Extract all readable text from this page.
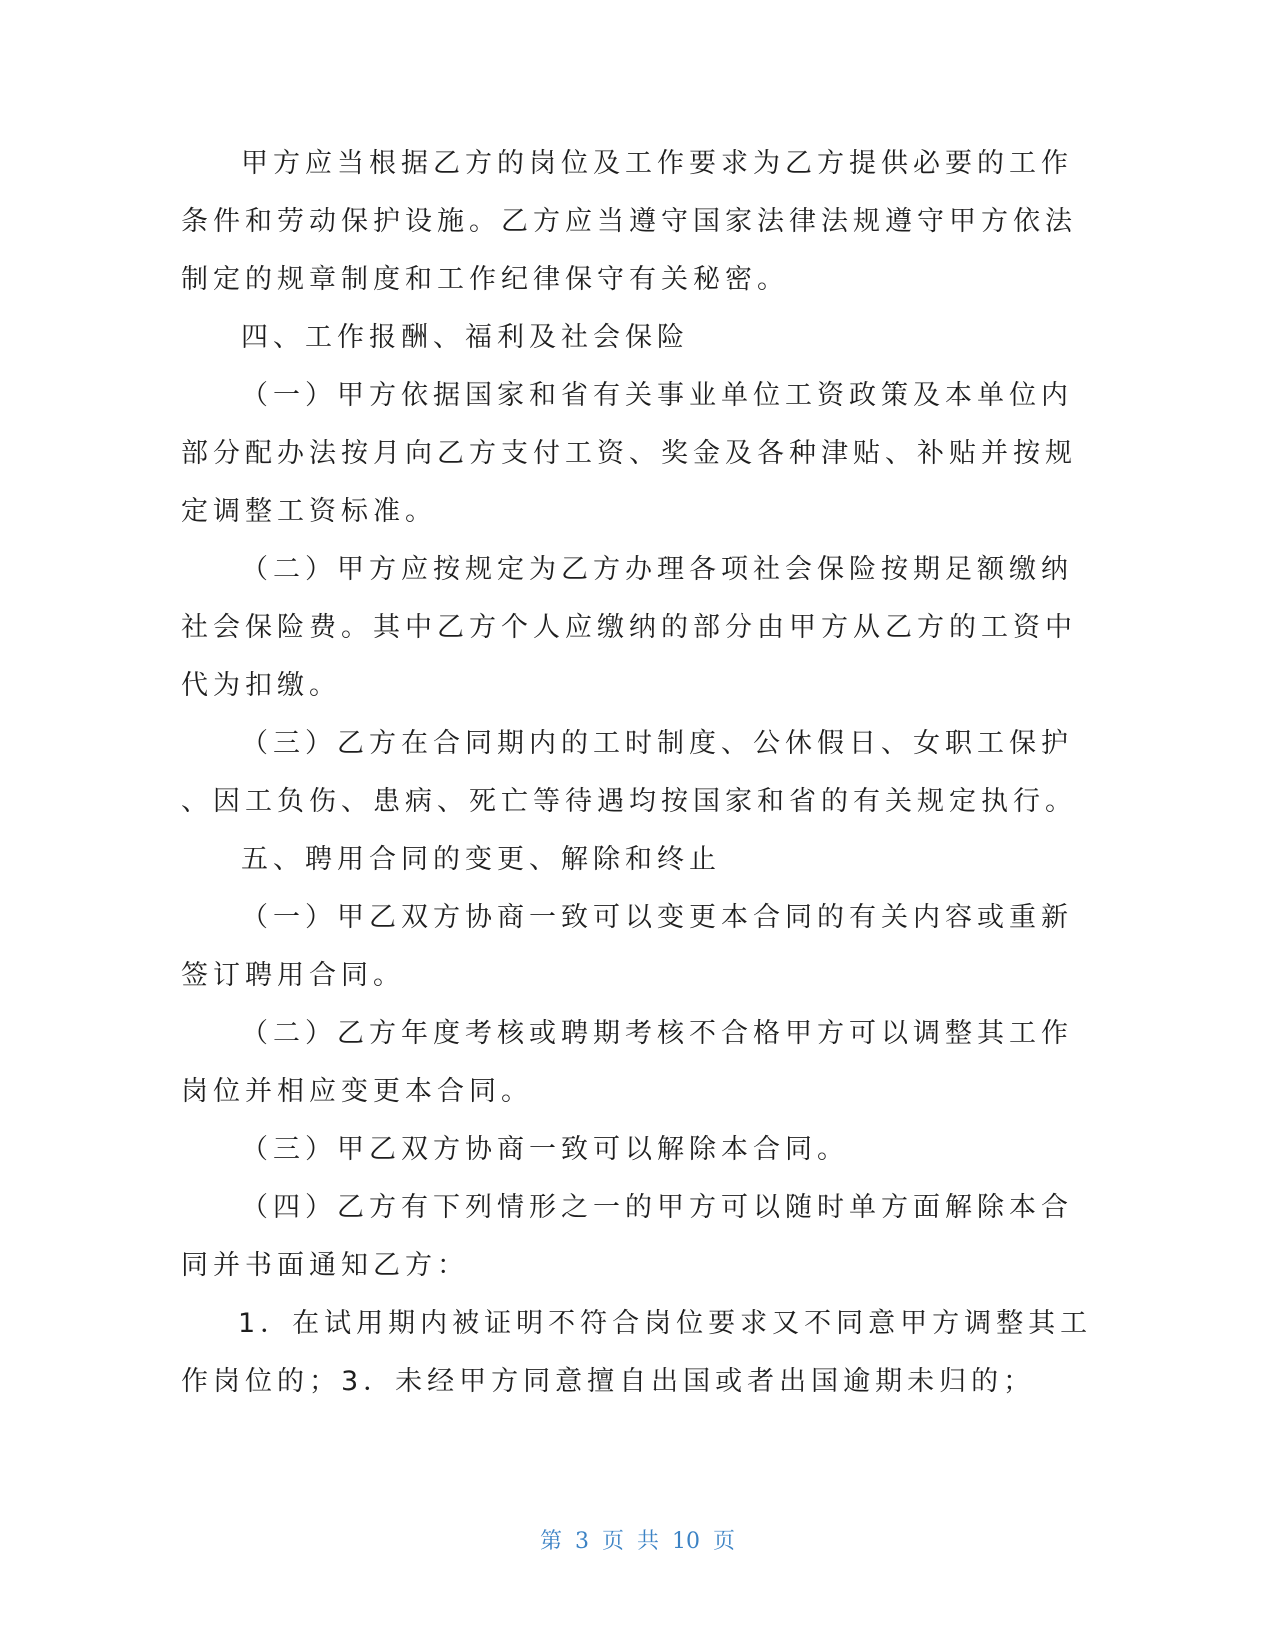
甲方应当根据乙方的岗位及工作要求为乙方提供必要的工作
条件和劳动保护设施。乙方应当遵守国家法律法规遵守甲方依法
制定的规章制度和工作纪律保守有关秘密。
四、工作报酬、福利及社会保险
（一）甲方依据国家和省有关事业单位工资政策及本单位内
部分配办法按月向乙方支付工资、奖金及各种津贴、补贴并按规
定调整工资标准。
（二）甲方应按规定为乙方办理各项社会保险按期足额缴纳
社会保险费。其中乙方个人应缴纳的部分由甲方从乙方的工资中
代为扣缴。
（三）乙方在合同期内的工时制度、公休假日、女职工保护
、因工负伤、患病、死亡等待遇均按国家和省的有关规定执行。
五、聘用合同的变更、解除和终止
（一）甲乙双方协商一致可以变更本合同的有关内容或重新
签订聘用合同。
（二）乙方年度考核或聘期考核不合格甲方可以调整其工作
岗位并相应变更本合同。
（三）甲乙双方协商一致可以解除本合同。
（四）乙方有下列情形之一的甲方可以随时单方面解除本合
同并书面通知乙方：
1．在试用期内被证明不符合岗位要求又不同意甲方调整其工
作岗位的；3．未经甲方同意擅自出国或者出国逾期未归的；
第 3 页 共 10 页
